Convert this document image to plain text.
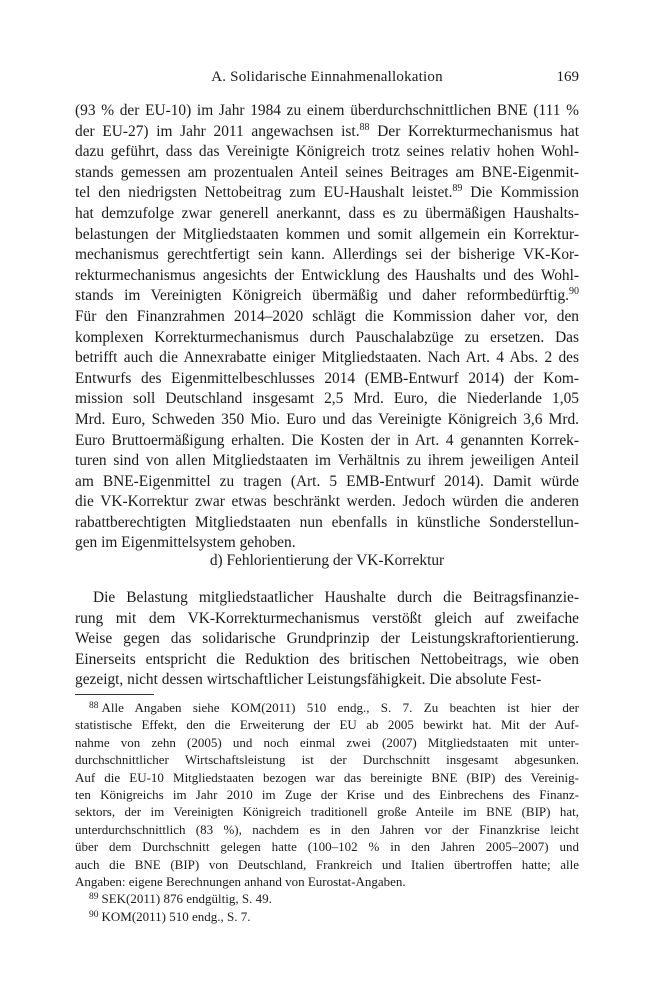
A. Solidarische Einnahmenallokation	169
(93 % der EU-10) im Jahr 1984 zu einem überdurchschnittlichen BNE (111 %
der EU-27) im Jahr 2011 angewachsen ist.$^{88}$ Der Korrekturmechanismus hat
dazu geführt, dass das Vereinigte Königreich trotz seines relativ hohen Wohl-
stands gemessen am prozentualen Anteil seines Beitrages am BNE-Eigenmit-
tel den niedrigsten Nettobeitrag zum EU-Haushalt leistet.$^{89}$ Die Kommission
hat demzufolge zwar generell anerkannt, dass es zu übermäßigen Haushalts-
belastungen der Mitgliedstaaten kommen und somit allgemein ein Korrektur-
mechanismus gerechtfertigt sein kann. Allerdings sei der bisherige VK-Kor-
rekturmechanismus angesichts der Entwicklung des Haushalts und des Wohl-
stands im Vereinigten Königreich übermäßig und daher reformbedürftig.$^{90}$
Für den Finanzrahmen 2014–2020 schlägt die Kommission daher vor, den
komplexen Korrekturmechanismus durch Pauschalabzüge zu ersetzen. Das
betrifft auch die Annexrabatte einiger Mitgliedstaaten. Nach Art. 4 Abs. 2 des
Entwurfs des Eigenmittelbeschlusses 2014 (EMB-Entwurf 2014) der Kom-
mission soll Deutschland insgesamt 2,5 Mrd. Euro, die Niederlande 1,05
Mrd. Euro, Schweden 350 Mio. Euro und das Vereinigte Königreich 3,6 Mrd.
Euro Bruttoermäßigung erhalten. Die Kosten der in Art. 4 genannten Korrek-
turen sind von allen Mitgliedstaaten im Verhältnis zu ihrem jeweiligen Anteil
am BNE-Eigenmittel zu tragen (Art. 5 EMB-Entwurf 2014). Damit würde
die VK-Korrektur zwar etwas beschränkt werden. Jedoch würden die anderen
rabattberechtigten Mitgliedstaaten nun ebenfalls in künstliche Sonderstellun-
gen im Eigenmittelsystem gehoben.
d) Fehlorientierung der VK-Korrektur
Die Belastung mitgliedstaatlicher Haushalte durch die Beitragsfinanzie-
rung mit dem VK-Korrekturmechanismus verstößt gleich auf zweifache
Weise gegen das solidarische Grundprinzip der Leistungskraftorientierung.
Einerseits entspricht die Reduktion des britischen Nettobeitrags, wie oben
gezeigt, nicht dessen wirtschaftlicher Leistungsfähigkeit. Die absolute Fest-
$^{88}$ Alle Angaben siehe KOM(2011) 510 endg., S. 7. Zu beachten ist hier der
statistische Effekt, den die Erweiterung der EU ab 2005 bewirkt hat. Mit der Auf-
nahme von zehn (2005) und noch einmal zwei (2007) Mitgliedstaaten mit unter-
durchschnittlicher Wirtschaftsleistung ist der Durchschnitt insgesamt abgesunken.
Auf die EU-10 Mitgliedstaaten bezogen war das bereinigte BNE (BIP) des Vereinig-
ten Königreichs im Jahr 2010 im Zuge der Krise und des Einbrechens des Finanz-
sektors, der im Vereinigten Königreich traditionell große Anteile im BNE (BIP) hat,
unterdurchschnittlich (83 %), nachdem es in den Jahren vor der Finanzkrise leicht
über dem Durchschnitt gelegen hatte (100–102 % in den Jahren 2005–2007) und
auch die BNE (BIP) von Deutschland, Frankreich und Italien übertroffen hatte; alle
Angaben: eigene Berechnungen anhand von Eurostat-Angaben.
$^{89}$ SEK(2011) 876 endgültig, S. 49.
$^{90}$ KOM(2011) 510 endg., S. 7.
